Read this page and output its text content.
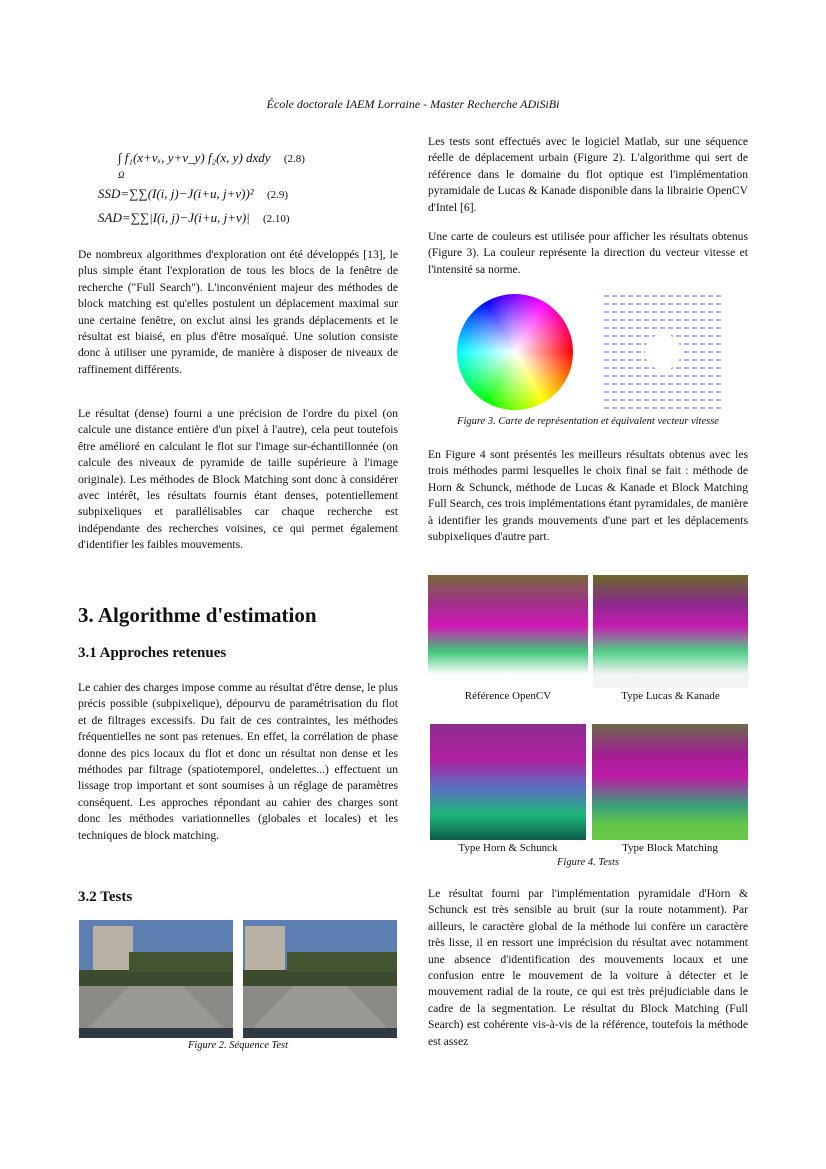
École doctorale IAEM Lorraine - Master Recherche ADiSiBi
∫ f₁(x+vₓ, y+v_y) f₂(x, y) dxdy (2.8)
Ω
SSD=∑∑(I(i, j)−J(i+u, j+v))² (2.9)
SAD=∑∑|I(i, j)−J(i+u, j+v)| (2.10)

De nombreux algorithmes d'exploration ont été développés [13], le plus simple étant l'exploration de tous les blocs de la fenêtre de recherche ("Full Search"). L'inconvénient majeur des méthodes de block matching est qu'elles postulent un déplacement maximal sur une certaine fenêtre, on exclut ainsi les grands déplacements et le résultat est biaisé, en plus d'être mosaïqué. Une solution consiste donc à utiliser une pyramide, de manière à disposer de niveaux de raffinement différents.

Le résultat (dense) fourni a une précision de l'ordre du pixel (on calcule une distance entière d'un pixel à l'autre), cela peut toutefois être amélioré en calculant le flot sur l'image sur-échantillonnée (on calcule des niveaux de pyramide de taille supérieure à l'image originale). Les méthodes de Block Matching sont donc à considérer avec intérêt, les résultats fournis étant denses, potentiellement subpixeliques et parallélisables car chaque recherche est indépendante des recherches voisines, ce qui permet également d'identifier les faibles mouvements.

3. Algorithme d'estimation
3.1 Approches retenues

Le cahier des charges impose comme au résultat d'être dense, le plus précis possible (subpixelique), dépourvu de paramétrisation du flot et de filtrages excessifs. Du fait de ces contraintes, les méthodes fréquentielles ne sont pas retenues. En effet, la corrélation de phase donne des pics locaux du flot et donc un résultat non dense et les méthodes par filtrage (spatiotemporel, ondelettes...) effectuent un lissage trop important et sont soumises à un réglage de paramètres conséquent. Les approches répondant au cahier des charges sont donc les méthodes variationnelles (globales et locales) et les techniques de block matching.

3.2 Tests
Figure 2. Séquence Test

Les tests sont effectués avec le logiciel Matlab, sur une séquence réelle de déplacement urbain (Figure 2). L'algorithme qui sert de référence dans le domaine du flot optique est l'implémentation pyramidale de Lucas & Kanade disponible dans la librairie OpenCV d'Intel [6].

Une carte de couleurs est utilisée pour afficher les résultats obtenus (Figure 3). La couleur représente la direction du vecteur vitesse et l'intensité sa norme.

Figure 3. Carte de représentation et équivalent vecteur vitesse

En Figure 4 sont présentés les meilleurs résultats obtenus avec les trois méthodes parmi lesquelles le choix final se fait : méthode de Horn & Schunck, méthode de Lucas & Kanade et Block Matching Full Search, ces trois implémentations étant pyramidales, de manière à identifier les grands mouvements d'une part et les déplacements subpixeliques d'autre part.

Référence OpenCV	Type Lucas & Kanade
Type Horn & Schunck	Type Block Matching
Figure 4. Tests

Le résultat fourni par l'implémentation pyramidale d'Horn & Schunck est très sensible au bruit (sur la route notamment). Par ailleurs, le caractère global de la méthode lui confère un caractère très lisse, il en ressort une imprécision du résultat avec notamment une absence d'identification des mouvements locaux et une confusion entre le mouvement de la voiture à détecter et le mouvement radial de la route, ce qui est très préjudiciable dans le cadre de la segmentation. Le résultat du Block Matching (Full Search) est cohérente vis-à-vis de la référence, toutefois la méthode est assez
